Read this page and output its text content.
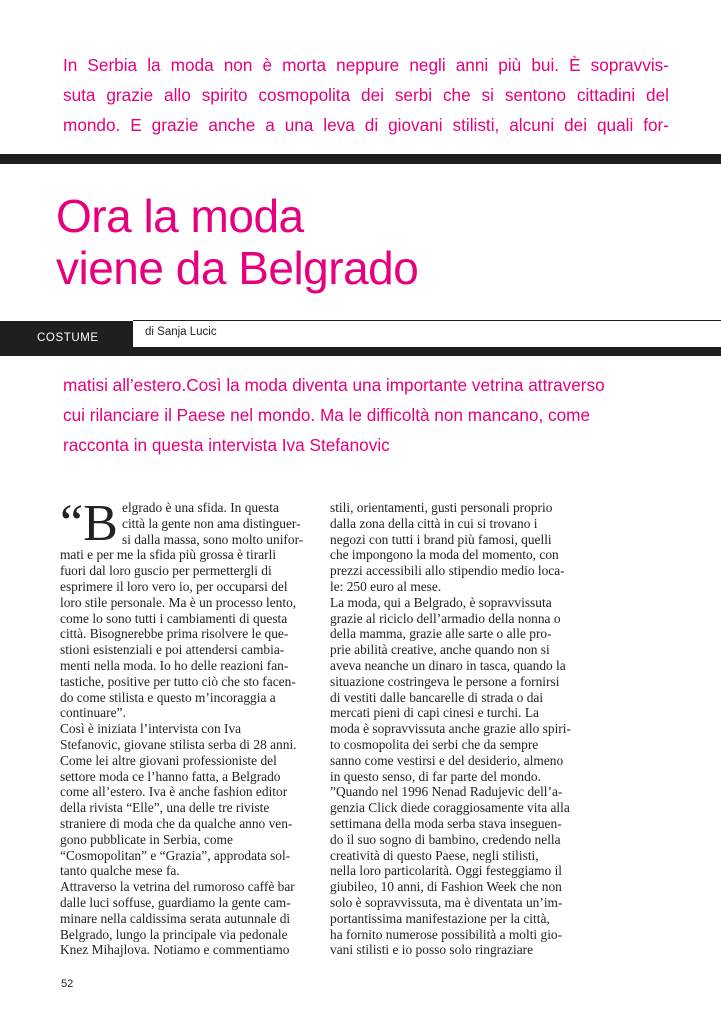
In Serbia la moda non è morta neppure negli anni più bui. È sopravvis-
suta grazie allo spirito cosmopolita dei serbi che si sentono cittadini del
mondo. E grazie anche a una leva di giovani stilisti, alcuni dei quali for-

Ora la moda
viene da Belgrado
COSTUME	di Sanja Lucic

matisi all’estero.Così la moda diventa una importante vetrina attraverso
cui rilanciare il Paese nel mondo. Ma le difficoltà non mancano, come
racconta in questa intervista Iva Stefanovic

“B elgrado è una sfida. In questa
città la gente non ama distinguer-
si dalla massa, sono molto unifor-
mati e per me la sfida più grossa è tirarli
fuori dal loro guscio per permettergli di
esprimere il loro vero io, per occuparsi del
loro stile personale. Ma è un processo lento,
come lo sono tutti i cambiamenti di questa
città. Bisognerebbe prima risolvere le que-
stioni esistenziali e poi attendersi cambia-
menti nella moda. Io ho delle reazioni fan-
tastiche, positive per tutto ciò che sto facen-
do come stilista e questo m’incoraggia a
continuare”.
Così è iniziata l’intervista con Iva
Stefanovic, giovane stilista serba di 28 anni.
Come lei altre giovani professioniste del
settore moda ce l’hanno fatta, a Belgrado
come all’estero. Iva è anche fashion editor
della rivista “Elle”, una delle tre riviste
straniere di moda che da qualche anno ven-
gono pubblicate in Serbia, come
“Cosmopolitan” e “Grazia”, approdata sol-
tanto qualche mese fa.
Attraverso la vetrina del rumoroso caffè bar
dalle luci soffuse, guardiamo la gente cam-
minare nella caldissima serata autunnale di
Belgrado, lungo la principale via pedonale
Knez Mihajlova. Notiamo e commentiamo
stili, orientamenti, gusti personali proprio
dalla zona della città in cui si trovano i
negozi con tutti i brand più famosi, quelli
che impongono la moda del momento, con
prezzi accessibili allo stipendio medio loca-
le: 250 euro al mese.
La moda, qui a Belgrado, è sopravvissuta
grazie al riciclo dell’armadio della nonna o
della mamma, grazie alle sarte o alle pro-
prie abilità creative, anche quando non si
aveva neanche un dinaro in tasca, quando la
situazione costringeva le persone a fornirsi
di vestiti dalle bancarelle di strada o dai
mercati pieni di capi cinesi e turchi. La
moda è sopravvissuta anche grazie allo spiri-
to cosmopolita dei serbi che da sempre
sanno come vestirsi e del desiderio, almeno
in questo senso, di far parte del mondo.
”Quando nel 1996 Nenad Radujevic dell’a-
genzia Click diede coraggiosamente vita alla
settimana della moda serba stava inseguen-
do il suo sogno di bambino, credendo nella
creatività di questo Paese, negli stilisti,
nella loro particolarità. Oggi festeggiamo il
giubileo, 10 anni, di Fashion Week che non
solo è sopravvissuta, ma è diventata un’im-
portantissima manifestazione per la città,
ha fornito numerose possibilità a molti gio-
vani stilisti e io posso solo ringraziare
52
